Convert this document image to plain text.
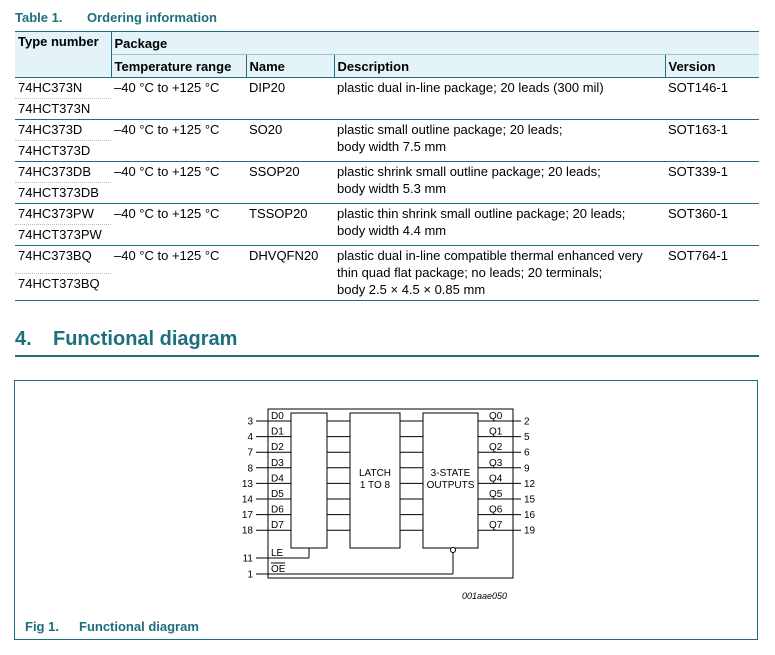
Table 1. Ordering information
Type number	Package			
	Temperature range	Name	Description	Version
74HC373N	–40 °C to +125 °C	DIP20	plastic dual in-line package; 20 leads (300 mil)	SOT146-1
74HCT373N				
74HC373D	–40 °C to +125 °C	SO20	plastic small outline package; 20 leads;
body width 7.5 mm	SOT163-1
74HCT373D				
74HC373DB	–40 °C to +125 °C	SSOP20	plastic shrink small outline package; 20 leads;
body width 5.3 mm	SOT339-1
74HCT373DB				
74HC373PW	–40 °C to +125 °C	TSSOP20	plastic thin shrink small outline package; 20 leads;
body width 4.4 mm	SOT360-1
74HCT373PW				
74HC373BQ	–40 °C to +125 °C	DHVQFN20	plastic dual in-line compatible thermal enhanced very
thin quad flat package; no leads; 20 terminals;
body 2.5 × 4.5 × 0.85 mm	SOT764-1
74HCT373BQ				
4. Functional diagram
3 D0
4 D1
7 D2
8 D3
13 D4
14 D5
17
D6
18 D7
2
Q0
5
Q1
6
Q2
9
Q3
12
Q4
15
Q5
16
Q6
19
Q7
LATCH
1 TO 8
3-STATE
OUTPUTS
11 LE
1 OE
001aae050
Fig 1. Functional diagram
